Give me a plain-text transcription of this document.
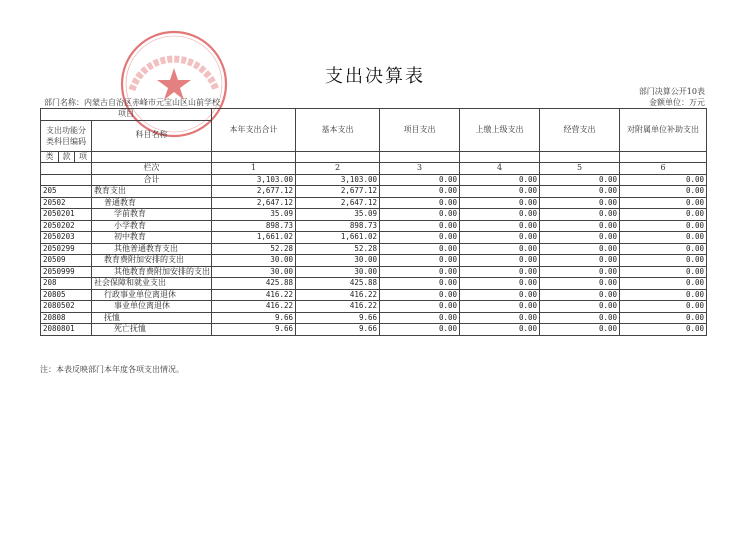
支出决算表
部门决算公开10表
部门名称：内蒙古自治区赤峰市元宝山区山前学校	金额单位：万元
项目				本年支出合计	基本支出	项目支出	上缴上级支出	经营支出	对附属单位补助支出
支出功能分类科目编码			科目名称						
类	款	项							

			栏次	1	2	3	4	5	6
			合计	3,103.00	3,103.00	0.00	0.00	0.00	0.00
205			教育支出	2,677.12	2,677.12	0.00	0.00	0.00	0.00
20502			普通教育	2,647.12	2,647.12	0.00	0.00	0.00	0.00
2050201			学前教育	35.09	35.09	0.00	0.00	0.00	0.00
2050202			小学教育	898.73	898.73	0.00	0.00	0.00	0.00
2050203			初中教育	1,661.02	1,661.02	0.00	0.00	0.00	0.00
2050299			其他普通教育支出	52.28	52.28	0.00	0.00	0.00	0.00
20509			教育费附加安排的支出	30.00	30.00	0.00	0.00	0.00	0.00
2050999			其他教育费附加安排的支出	30.00	30.00	0.00	0.00	0.00	0.00
208			社会保障和就业支出	425.88	425.88	0.00	0.00	0.00	0.00
20805			行政事业单位离退休	416.22	416.22	0.00	0.00	0.00	0.00
2080502			事业单位离退休	416.22	416.22	0.00	0.00	0.00	0.00
20808			抚恤	9.66	9.66	0.00	0.00	0.00	0.00
2080801			死亡抚恤	9.66	9.66	0.00	0.00	0.00	0.00
注：本表反映部门本年度各项支出情况。
